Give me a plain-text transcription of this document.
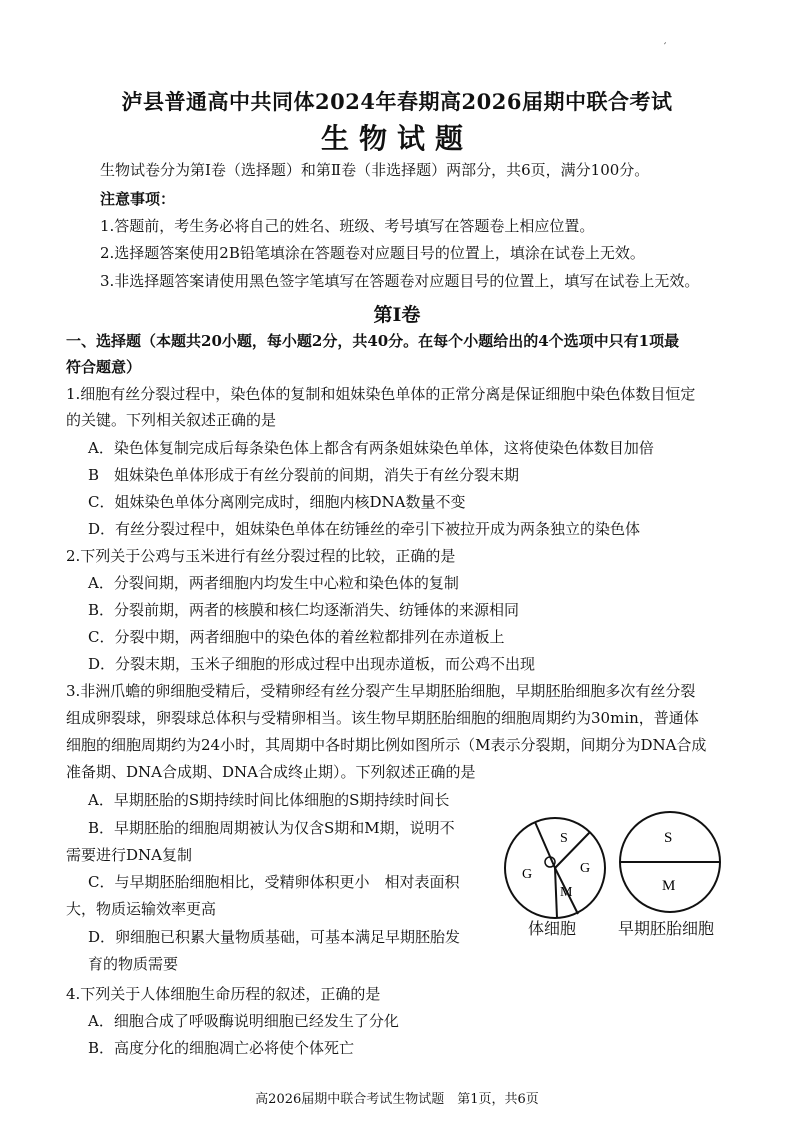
′
泸县普通高中共同体2024年春期高2026届期中联合考试
生物试题
生物试卷分为第Ⅰ卷（选择题）和第Ⅱ卷（非选择题）两部分，共6页，满分100分。
注意事项：
1.答题前，考生务必将自己的姓名、班级、考号填写在答题卷上相应位置。
2.选择题答案使用2B铅笔填涂在答题卷对应题目号的位置上，填涂在试卷上无效。
3.非选择题答案请使用黑色签字笔填写在答题卷对应题目号的位置上，填写在试卷上无效。
第Ⅰ卷
一、选择题（本题共20小题，每小题2分，共40分。在每个小题给出的4个选项中只有1项最
符合题意）
1.细胞有丝分裂过程中，染色体的复制和姐妹染色单体的正常分离是保证细胞中染色体数目恒定
的关键。下列相关叙述正确的是
A．染色体复制完成后每条染色体上都含有两条姐妹染色单体，这将使染色体数目加倍
B　姐妹染色单体形成于有丝分裂前的间期，消失于有丝分裂末期
C．姐妹染色单体分离刚完成时，细胞内核DNA数量不变
D．有丝分裂过程中，姐妹染色单体在纺锤丝的牵引下被拉开成为两条独立的染色体
2.下列关于公鸡与玉米进行有丝分裂过程的比较，正确的是
A．分裂间期，两者细胞内均发生中心粒和染色体的复制
B．分裂前期，两者的核膜和核仁均逐渐消失、纺锤体的来源相同
C．分裂中期，两者细胞中的染色体的着丝粒都排列在赤道板上
D．分裂末期，玉米子细胞的形成过程中出现赤道板，而公鸡不出现
3.非洲爪蟾的卵细胞受精后，受精卵经有丝分裂产生早期胚胎细胞，早期胚胎细胞多次有丝分裂
组成卵裂球，卵裂球总体积与受精卵相当。该生物早期胚胎细胞的细胞周期约为30min，普通体
细胞的细胞周期约为24小时，其周期中各时期比例如图所示（M表示分裂期，间期分为DNA合成
准备期、DNA合成期、DNA合成终止期）。下列叙述正确的是
A．早期胚胎的S期持续时间比体细胞的S期持续时间长
B．早期胚胎的细胞周期被认为仅含S期和M期，说明不
需要进行DNA复制
C．与早期胚胎细胞相比，受精卵体积更小　相对表面积
大，物质运输效率更高
D．卵细胞已积累大量物质基础，可基本满足早期胚胎发
育的物质需要
S
G	G
M
S
M
体细胞	早期胚胎细胞
4.下列关于人体细胞生命历程的叙述，正确的是
A．细胞合成了呼吸酶说明细胞已经发生了分化
B．高度分化的细胞凋亡必将使个体死亡
高2026届期中联合考试生物试题　第1页，共6页
